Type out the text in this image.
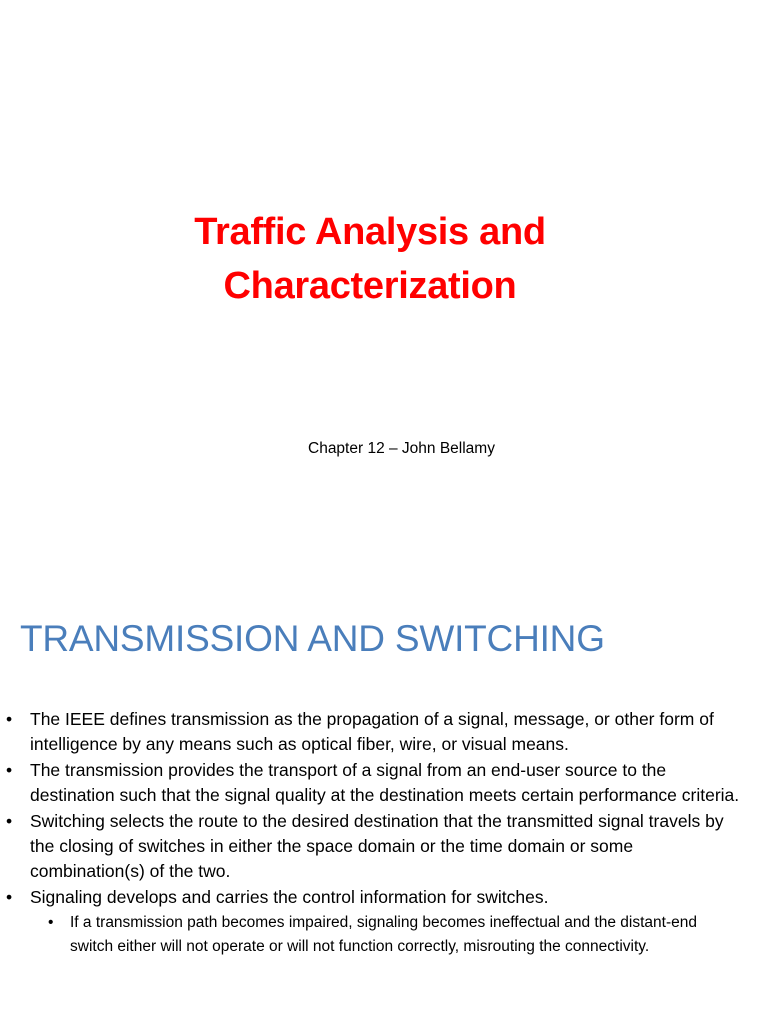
Traffic Analysis and
Characterization
Chapter 12 – John Bellamy
TRANSMISSION AND SWITCHING
• The IEEE defines transmission as the propagation of a signal, message, or other form of intelligence by any means such as optical fiber, wire, or visual means.
• The transmission provides the transport of a signal from an end-user source to the destination such that the signal quality at the destination meets certain performance criteria.
• Switching selects the route to the desired destination that the transmitted signal travels by the closing of switches in either the space domain or the time domain or some combination(s) of the two.
• Signaling develops and carries the control information for switches.
• If a transmission path becomes impaired, signaling becomes ineffectual and the distant-end switch either will not operate or will not function correctly, misrouting the connectivity.
